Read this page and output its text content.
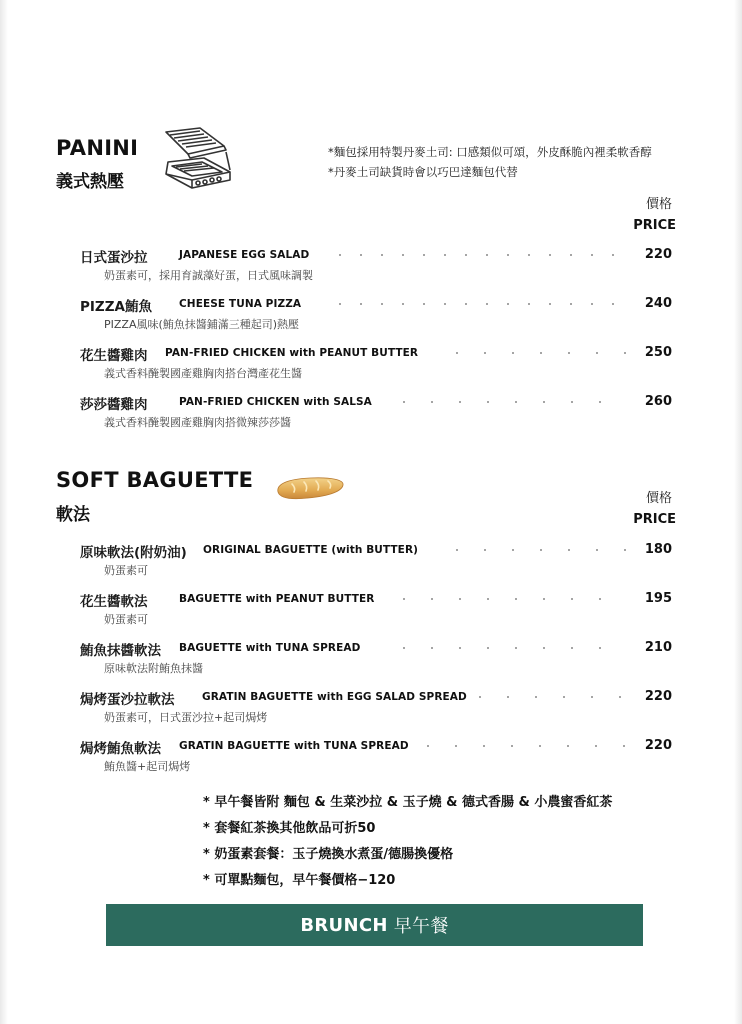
PANINI
義式熱壓
*麵包採用特製丹麥土司: 口感類似可頌，外皮酥脆內裡柔軟香醇
*丹麥土司缺貨時會以巧巴達麵包代替
價格
PRICE
日式蛋沙拉	JAPANESE EGG SALAD	220
奶蛋素可，採用育誠藻好蛋，日式風味調製
PIZZA鮪魚	CHEESE TUNA PIZZA	240
PIZZA風味(鮪魚抹醬鋪滿三種起司)熱壓
花生醬雞肉 PAN-FRIED CHICKEN with PEANUT BUTTER	250
義式香料醃製國產雞胸肉搭台灣產花生醬
莎莎醬雞肉	PAN-FRIED CHICKEN with SALSA	260
義式香料醃製國產雞胸肉搭微辣莎莎醬
SOFT BAGUETTE
軟法
價格
PRICE
原味軟法(附奶油) ORIGINAL BAGUETTE (with BUTTER)	180
奶蛋素可
花生醬軟法	BAGUETTE with PEANUT BUTTER	195
奶蛋素可
鮪魚抹醬軟法 BAGUETTE with TUNA SPREAD	210
原味軟法附鮪魚抹醬
焗烤蛋沙拉軟法	GRATIN BAGUETTE with EGG SALAD SPREAD	220
奶蛋素可，日式蛋沙拉+起司焗烤
焗烤鮪魚軟法 GRATIN BAGUETTE with TUNA SPREAD	220
鮪魚醬+起司焗烤
* 早午餐皆附 麵包 & 生菜沙拉 & 玉子燒 & 德式香腸 & 小農蜜香紅茶
* 套餐紅茶換其他飲品可折50
* 奶蛋素套餐：玉子燒換水煮蛋/德腸換優格
* 可單點麵包，早午餐價格−120
BRUNCH 早午餐
